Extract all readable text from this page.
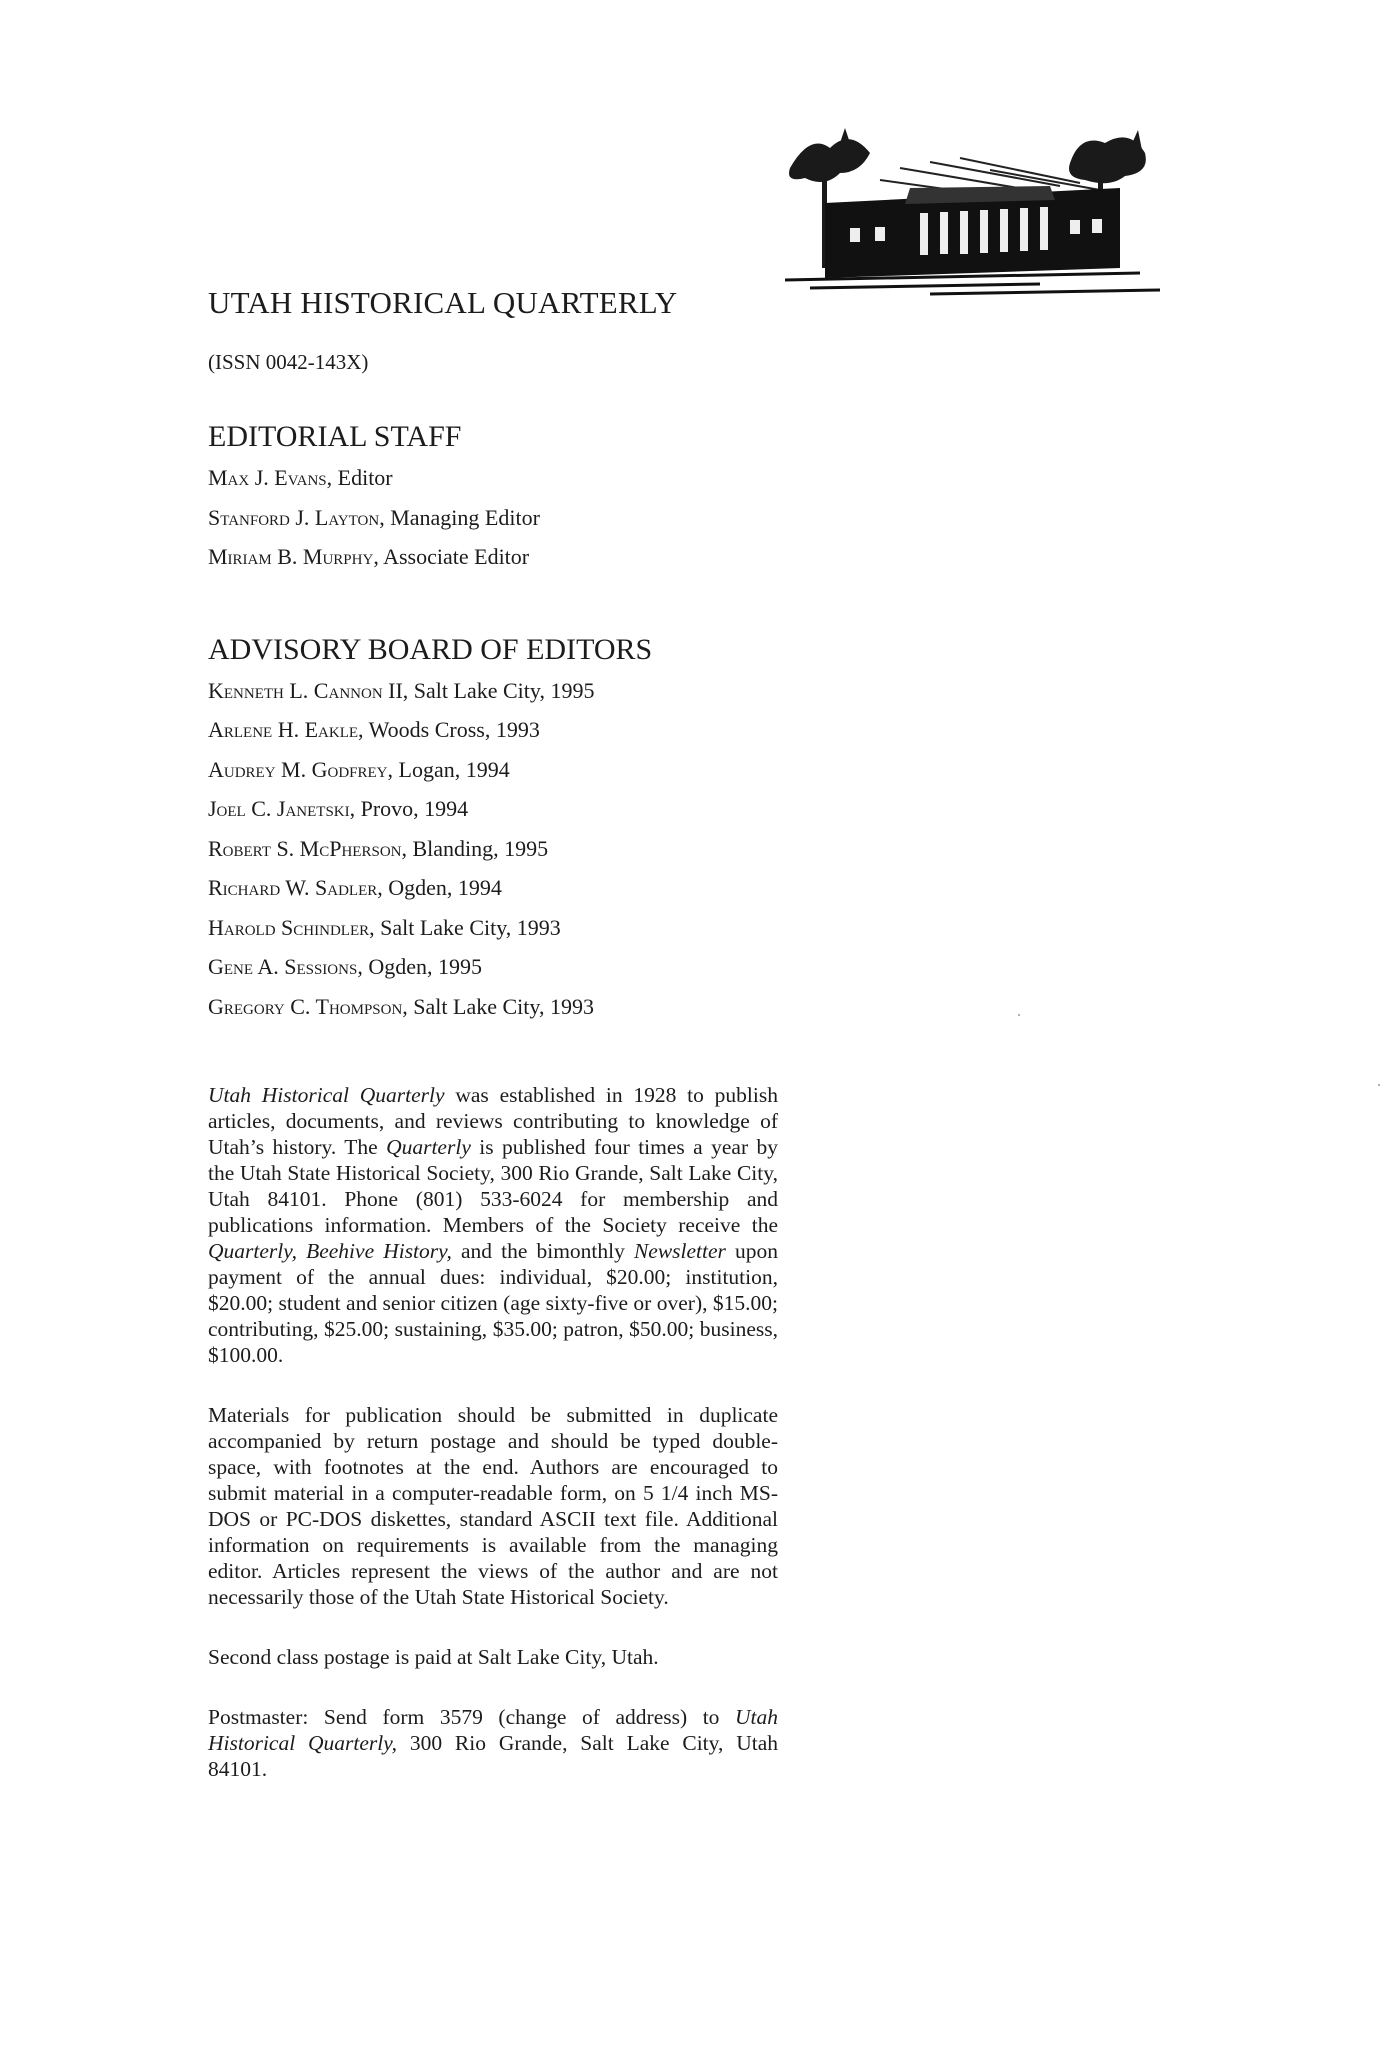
UTAH HISTORICAL QUARTERLY
(ISSN 0042-143X)
EDITORIAL STAFF
Max J. Evans, Editor
Stanford J. Layton, Managing Editor
Miriam B. Murphy, Associate Editor
ADVISORY BOARD OF EDITORS
Kenneth L. Cannon II, Salt Lake City, 1995
Arlene H. Eakle, Woods Cross, 1993
Audrey M. Godfrey, Logan, 1994
Joel C. Janetski, Provo, 1994
Robert S. McPherson, Blanding, 1995
Richard W. Sadler, Ogden, 1994
Harold Schindler, Salt Lake City, 1993
Gene A. Sessions, Ogden, 1995
Gregory C. Thompson, Salt Lake City, 1993

Utah Historical Quarterly was established in 1928 to publish articles, documents, and reviews contributing to knowledge of Utah’s history. The Quarterly is published four times a year by the Utah State Historical Society, 300 Rio Grande, Salt Lake City, Utah 84101. Phone (801) 533-6024 for membership and publications information. Members of the Society receive the Quarterly, Beehive History, and the bimonthly Newsletter upon payment of the annual dues: individual, $20.00; institution, $20.00; student and senior citizen (age sixty-five or over), $15.00; contributing, $25.00; sustaining, $35.00; patron, $50.00; business, $100.00.

Materials for publication should be submitted in duplicate accompanied by return postage and should be typed double-space, with footnotes at the end. Authors are encouraged to submit material in a computer-readable form, on 5 1/4 inch MS-DOS or PC-DOS diskettes, standard ASCII text file. Additional information on requirements is available from the managing editor. Articles represent the views of the author and are not necessarily those of the Utah State Historical Society.

Second class postage is paid at Salt Lake City, Utah.

Postmaster: Send form 3579 (change of address) to Utah Historical Quarterly, 300 Rio Grande, Salt Lake City, Utah 84101.
